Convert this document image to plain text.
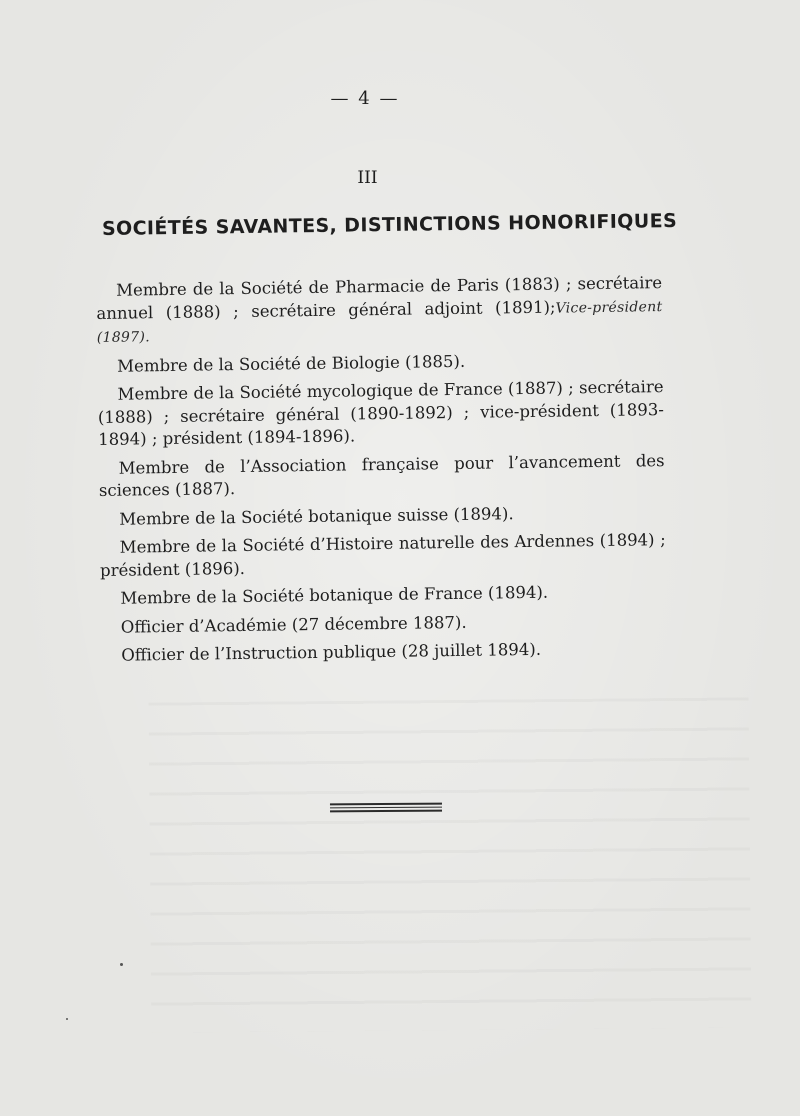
— 4 —
III
SOCIÉTÉS SAVANTES, DISTINCTIONS HONORIFIQUES

Membre de la Société de Pharmacie de Paris (1883) ; secrétaire annuel (1888) ; secrétaire général adjoint (1891);Vice-président (1897).

Membre de la Société de Biologie (1885).

Membre de la Société mycologique de France (1887) ; secrétaire (1888) ; secrétaire général (1890-1892) ; vice-président (1893-1894) ; président (1894-1896).

Membre de l’Association française pour l’avancement des sciences (1887).

Membre de la Société botanique suisse (1894).

Membre de la Société d’Histoire naturelle des Ardennes (1894) ; président (1896).

Membre de la Société botanique de France (1894).

Officier d’Académie (27 décembre 1887).

Officier de l’Instruction publique (28 juillet 1894).
